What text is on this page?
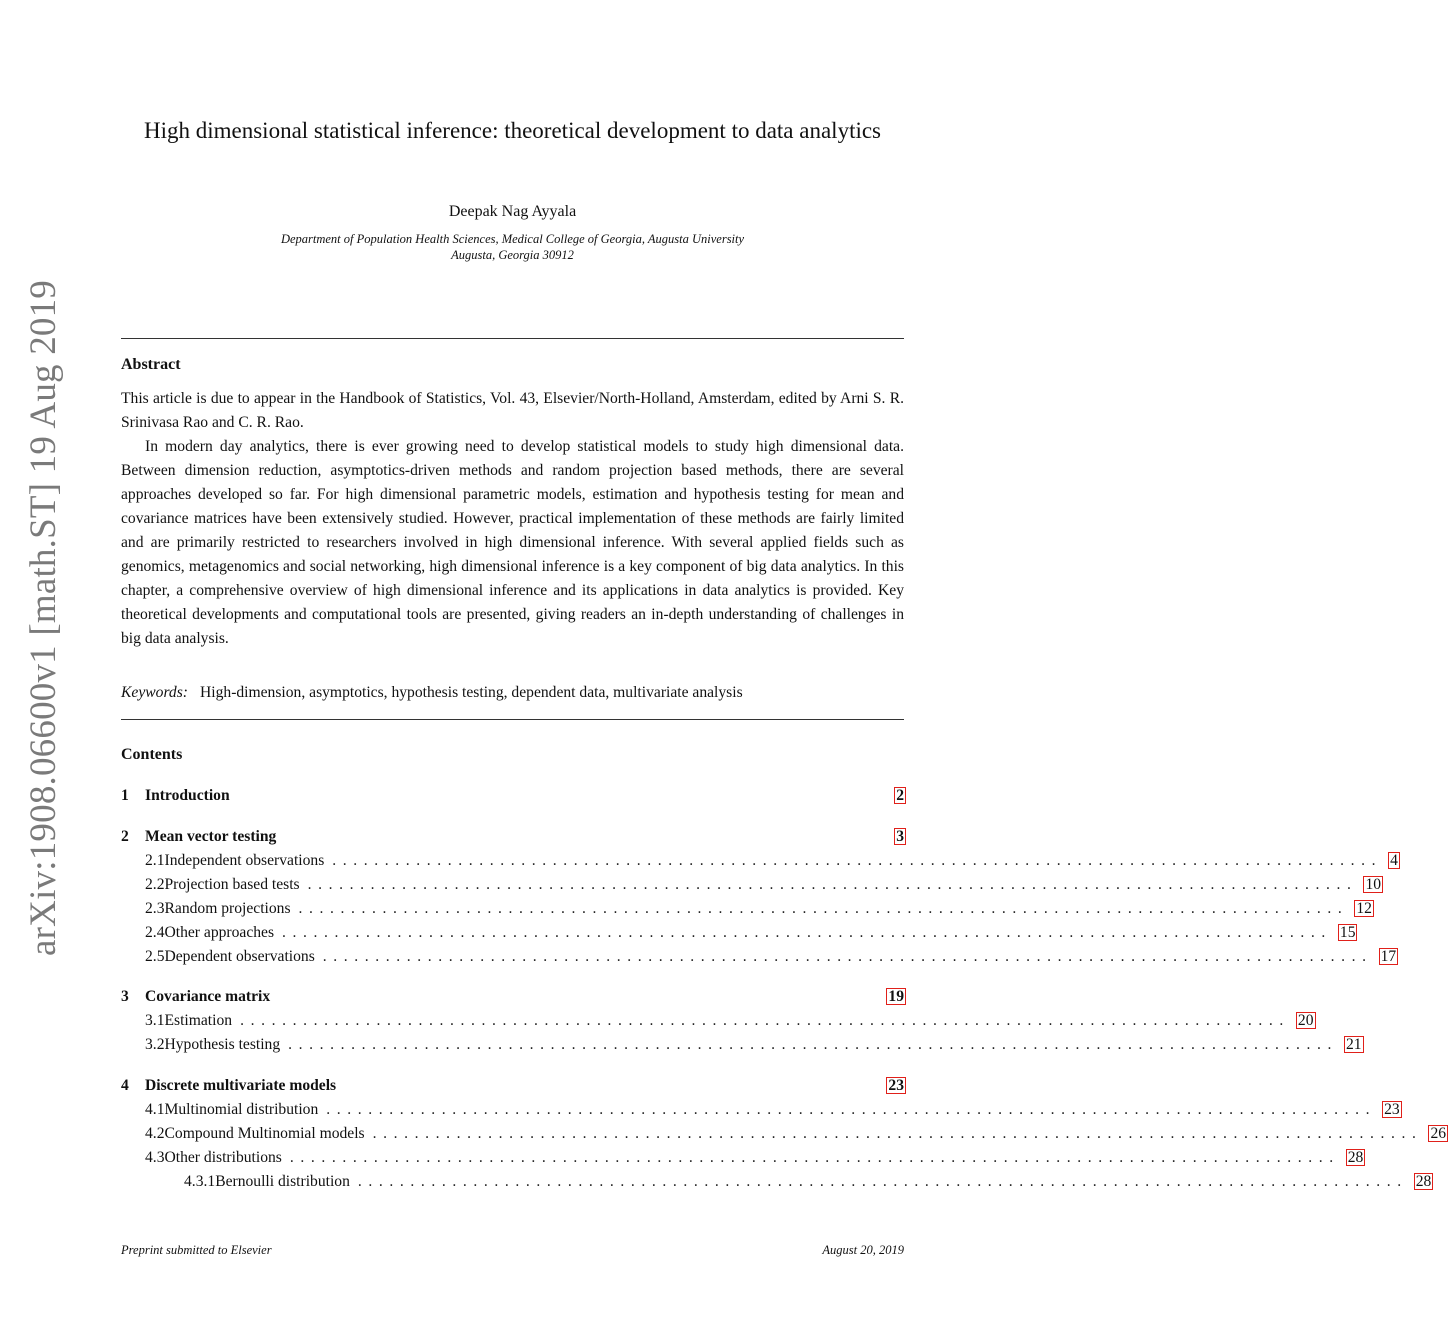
arXiv:1908.06600v1 [math.ST] 19 Aug 2019
High dimensional statistical inference: theoretical development to data analytics
Deepak Nag Ayyala
Department of Population Health Sciences, Medical College of Georgia, Augusta University
Augusta, Georgia 30912
Abstract

This article is due to appear in the Handbook of Statistics, Vol. 43, Elsevier/North-Holland, Amsterdam, edited by Arni S. R. Srinivasa Rao and C. R. Rao.

In modern day analytics, there is ever growing need to develop statistical models to study high dimensional data. Between dimension reduction, asymptotics-driven methods and random projection based methods, there are several approaches developed so far. For high dimensional parametric models, estimation and hypothesis testing for mean and covariance matrices have been extensively studied. However, practical implementation of these methods are fairly limited and are primarily restricted to researchers involved in high dimensional inference. With several applied fields such as genomics, metagenomics and social networking, high dimensional inference is a key component of big data analytics. In this chapter, a comprehensive overview of high dimensional inference and its applications in data analytics is provided. Key theoretical developments and computational tools are presented, giving readers an in-depth understanding of challenges in big data analysis.

Keywords: High-dimension, asymptotics, hypothesis testing, dependent data, multivariate analysis
Contents
1	Introduction	2
2	Mean vector testing	3
2.1 Independent observations .................................................................................................... 4
2.2 Projection based tests .................................................................................................... 10
2.3 Random projections .................................................................................................... 12
2.4 Other approaches .................................................................................................... 15
2.5 Dependent observations .................................................................................................... 17
3	Covariance matrix	19
3.1 Estimation .................................................................................................... 20
3.2 Hypothesis testing .................................................................................................... 21
4	Discrete multivariate models	23
4.1 Multinomial distribution .................................................................................................... 23
4.2 Compound Multinomial models .................................................................................................... 26
4.3 Other distributions .................................................................................................... 28
4.3.1 Bernoulli distribution .................................................................................................... 28
Preprint submitted to Elsevier	August 20, 2019
